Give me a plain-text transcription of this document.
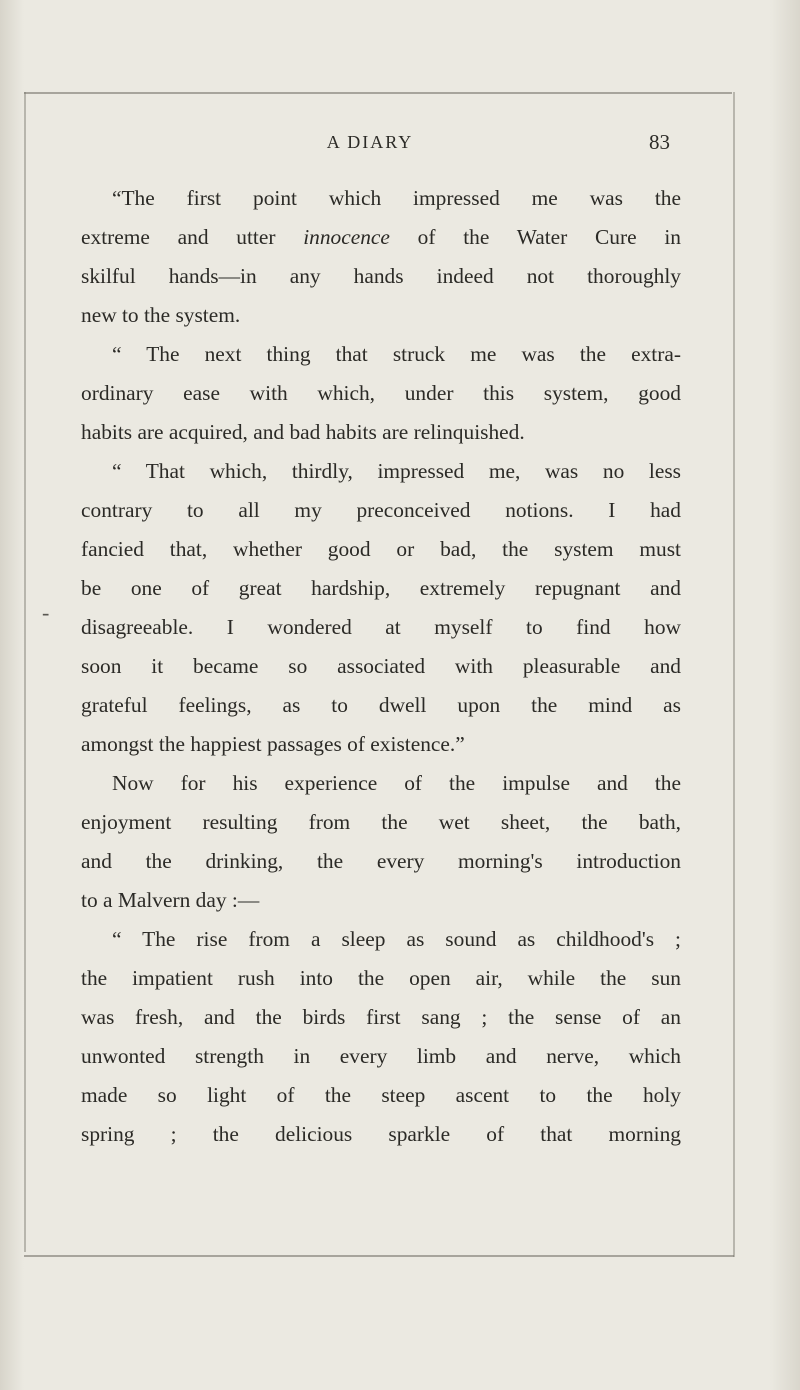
A DIARY	83
-
“The first point which impressed me was the
extreme and utter innocence of the Water Cure in
skilful hands—in any hands indeed not thoroughly
new to the system.
“ The next thing that struck me was the extra-
ordinary ease with which, under this system, good
habits are acquired, and bad habits are relinquished.
“ That which, thirdly, impressed me, was no less
contrary to all my preconceived notions. I had
fancied that, whether good or bad, the system must
be one of great hardship, extremely repugnant and
disagreeable. I wondered at myself to find how
soon it became so associated with pleasurable and
grateful feelings, as to dwell upon the mind as
amongst the happiest passages of existence.”
Now for his experience of the impulse and the
enjoyment resulting from the wet sheet, the bath,
and the drinking, the every morning's introduction
to a Malvern day :—
“ The rise from a sleep as sound as childhood's ;
the impatient rush into the open air, while the sun
was fresh, and the birds first sang ; the sense of an
unwonted strength in every limb and nerve, which
made so light of the steep ascent to the holy
spring ; the delicious sparkle of that morning
